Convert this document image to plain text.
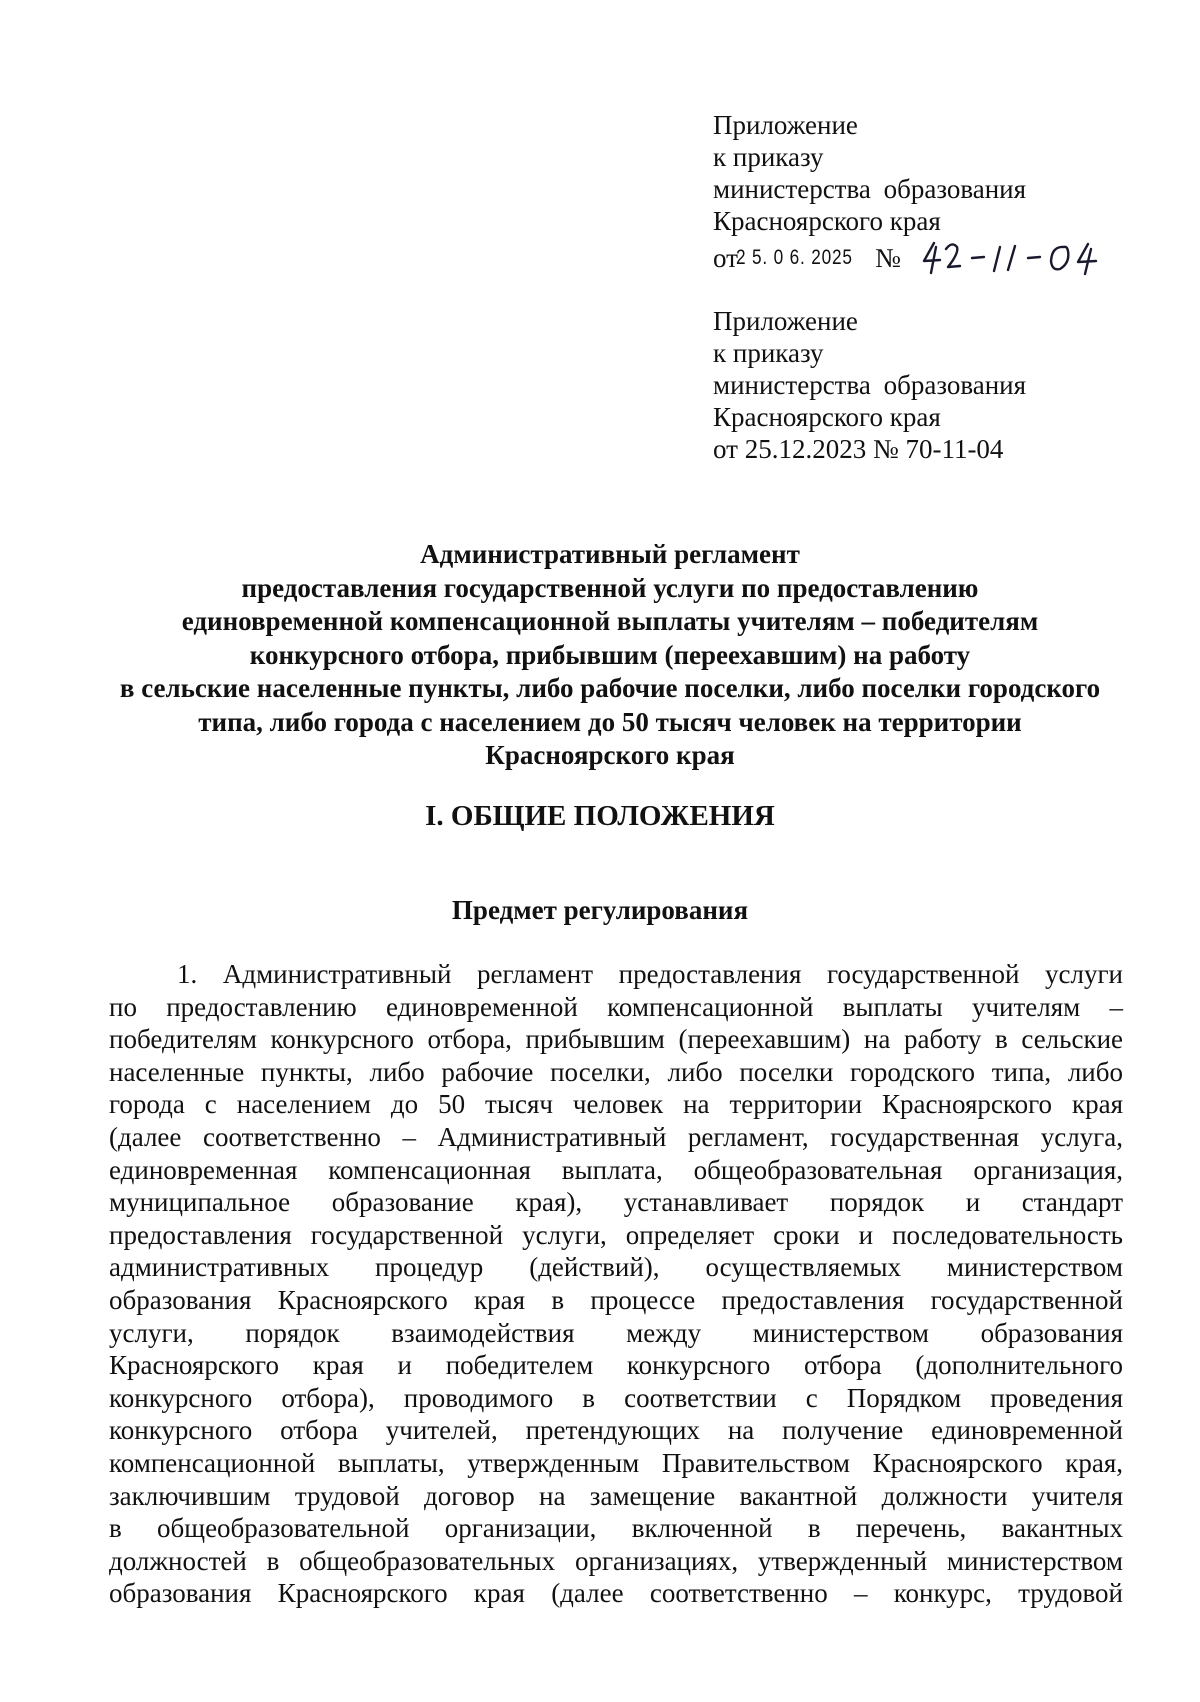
Приложение
к приказу
министерства образования
Красноярского края
от2 5. 0 6. 2025 №
Приложение
к приказу
министерства образования
Красноярского края
от 25.12.2023 № 70-11-04
Административный регламент
предоставления государственной услуги по предоставлению
единовременной компенсационной выплаты учителям – победителям
конкурсного отбора, прибывшим (переехавшим) на работу
в сельские населенные пункты, либо рабочие поселки, либо поселки городского
типа, либо города с населением до 50 тысяч человек на территории
Красноярского края
I. ОБЩИЕ ПОЛОЖЕНИЯ
Предмет регулирования
1. Административный регламент предоставления государственной услуги
по предоставлению единовременной компенсационной выплаты учителям –
победителям конкурсного отбора, прибывшим (переехавшим) на работу в сельские
населенные пункты, либо рабочие поселки, либо поселки городского типа, либо
города с населением до 50 тысяч человек на территории Красноярского края
(далее соответственно – Административный регламент, государственная услуга,
единовременная компенсационная выплата, общеобразовательная организация,
муниципальное образование края), устанавливает порядок и стандарт
предоставления государственной услуги, определяет сроки и последовательность
административных процедур (действий), осуществляемых министерством
образования Красноярского края в процессе предоставления государственной
услуги, порядок взаимодействия между министерством образования
Красноярского края и победителем конкурсного отбора (дополнительного
конкурсного отбора), проводимого в соответствии с Порядком проведения
конкурсного отбора учителей, претендующих на получение единовременной
компенсационной выплаты, утвержденным Правительством Красноярского края,
заключившим трудовой договор на замещение вакантной должности учителя
в общеобразовательной организации, включенной в перечень, вакантных
должностей в общеобразовательных организациях, утвержденный министерством
образования Красноярского края (далее соответственно – конкурс, трудовой
